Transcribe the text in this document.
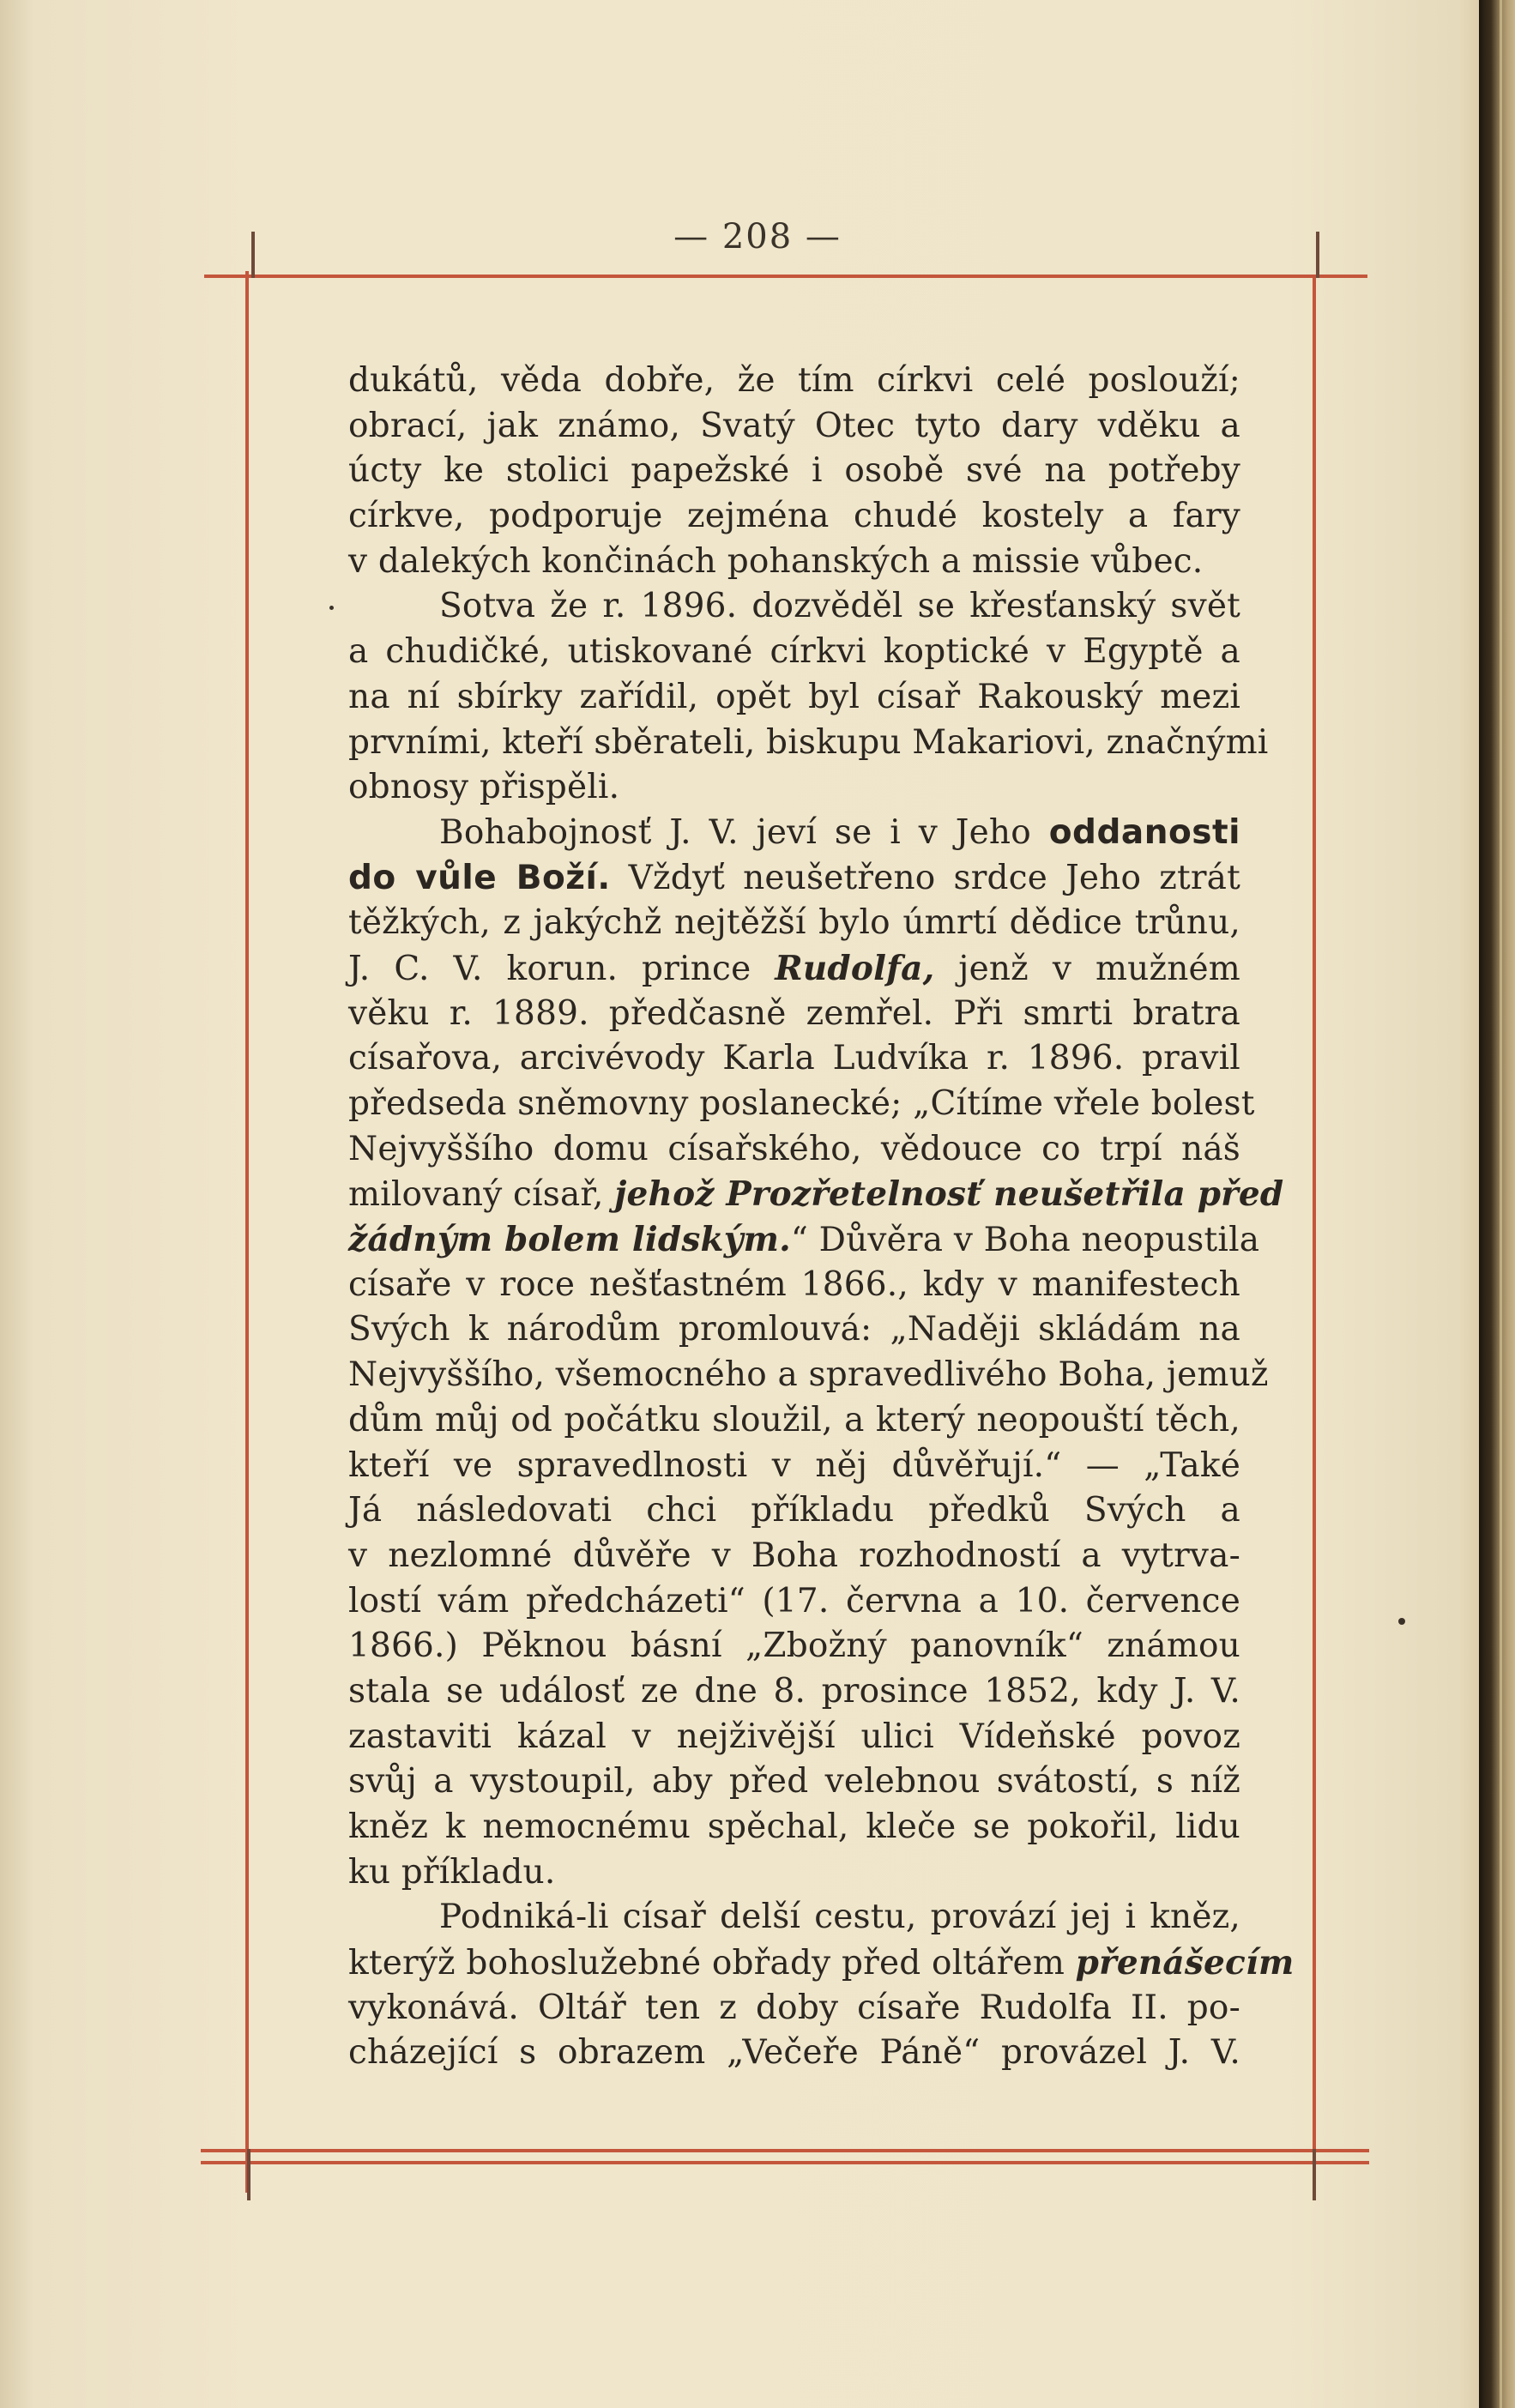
— 208 —
dukátů, věda dobře, že tím církvi celé poslouží;
obrací, jak známo, Svatý Otec tyto dary vděku a
úcty ke stolici papežské i osobě své na potřeby
církve, podporuje zejména chudé kostely a fary
v dalekých končinách pohanských a missie vůbec.
Sotva že r. 1896. dozvěděl se křesťanský svět
a chudičké, utiskované církvi koptické v Egyptě a
na ní sbírky zařídil, opět byl císař Rakouský mezi
prvními, kteří sběrateli, biskupu Makariovi, značnými
obnosy přispěli.
Bohabojnosť J. V. jeví se i v Jeho oddanosti
do vůle Boží. Vždyť neušetřeno srdce Jeho ztrát
těžkých, z jakýchž nejtěžší bylo úmrtí dědice trůnu,
J. C. V. korun. prince Rudolfa, jenž v mužném
věku r. 1889. předčasně zemřel. Při smrti bratra
císařova, arcivévody Karla Ludvíka r. 1896. pravil
předseda sněmovny poslanecké; „Cítíme vřele bolest
Nejvyššího domu císařského, vědouce co trpí náš
milovaný císař, jehož Prozřetelnosť neušetřila před
žádným bolem lidským.“ Důvěra v Boha neopustila
císaře v roce nešťastném 1866., kdy v manifestech
Svých k národům promlouvá: „Naději skládám na
Nejvyššího, všemocného a spravedlivého Boha, jemuž
dům můj od počátku sloužil, a který neopouští těch,
kteří ve spravedlnosti v něj důvěřují.“ — „Také
Já následovati chci příkladu předků Svých a
v nezlomné důvěře v Boha rozhodností a vytrva-
lostí vám předcházeti“ (17. června a 10. července
1866.) Pěknou básní „Zbožný panovník“ známou
stala se událosť ze dne 8. prosince 1852, kdy J. V.
zastaviti kázal v nejživější ulici Vídeňské povoz
svůj a vystoupil, aby před velebnou svátostí, s níž
kněz k nemocnému spěchal, kleče se pokořil, lidu
ku příkladu.
Podniká-li císař delší cestu, provází jej i kněz,
kterýž bohoslužebné obřady před oltářem přenášecím
vykonává. Oltář ten z doby císaře Rudolfa II. po-
cházející s obrazem „Večeře Páně“ provázel J. V.
